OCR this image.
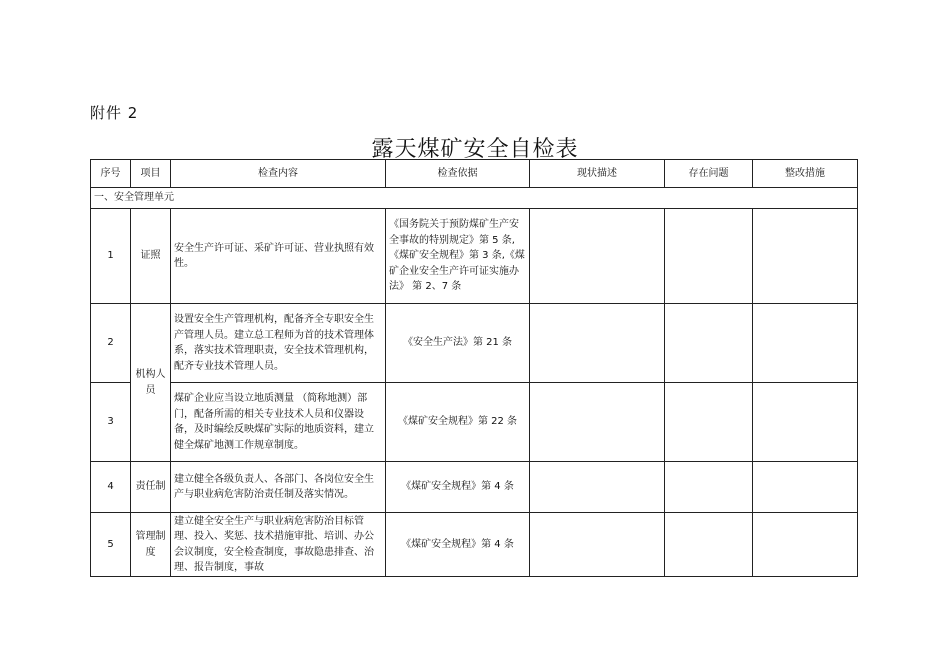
附件 2
露天煤矿安全自检表
序号	项目	检查内容	检查依据	现状描述	存在问题	整改措施
一、安全管理单元						
1	证照	安全生产许可证、采矿许可证、营业执照有效性。	《国务院关于预防煤矿生产安全事故的特别规定》第 5 条,《煤矿安全规程》第 3 条,《煤矿企业安全生产许可证实施办法》 第 2、7 条			
2	机构人员	设置安全生产管理机构，配备齐全专职安全生产管理人员。建立总工程师为首的技术管理体系，落实技术管理职责，安全技术管理机构，配齐专业技术管理人员。	《安全生产法》第 21 条			
3		煤矿企业应当设立地质测量 （简称地测）部门，配备所需的相关专业技术人员和仪器设备，及时编绘反映煤矿实际的地质资料，建立健全煤矿地测工作规章制度。	《煤矿安全规程》第 22 条			
4	责任制	建立健全各级负责人、各部门、各岗位安全生产与职业病危害防治责任制及落实情况。	《煤矿安全规程》第 4 条			
5	管理制度	建立健全安全生产与职业病危害防治目标管理、投入、奖惩、技术措施审批、培训、办公会议制度，安全检查制度，事故隐患排查、治理、报告制度，事故	《煤矿安全规程》第 4 条			
